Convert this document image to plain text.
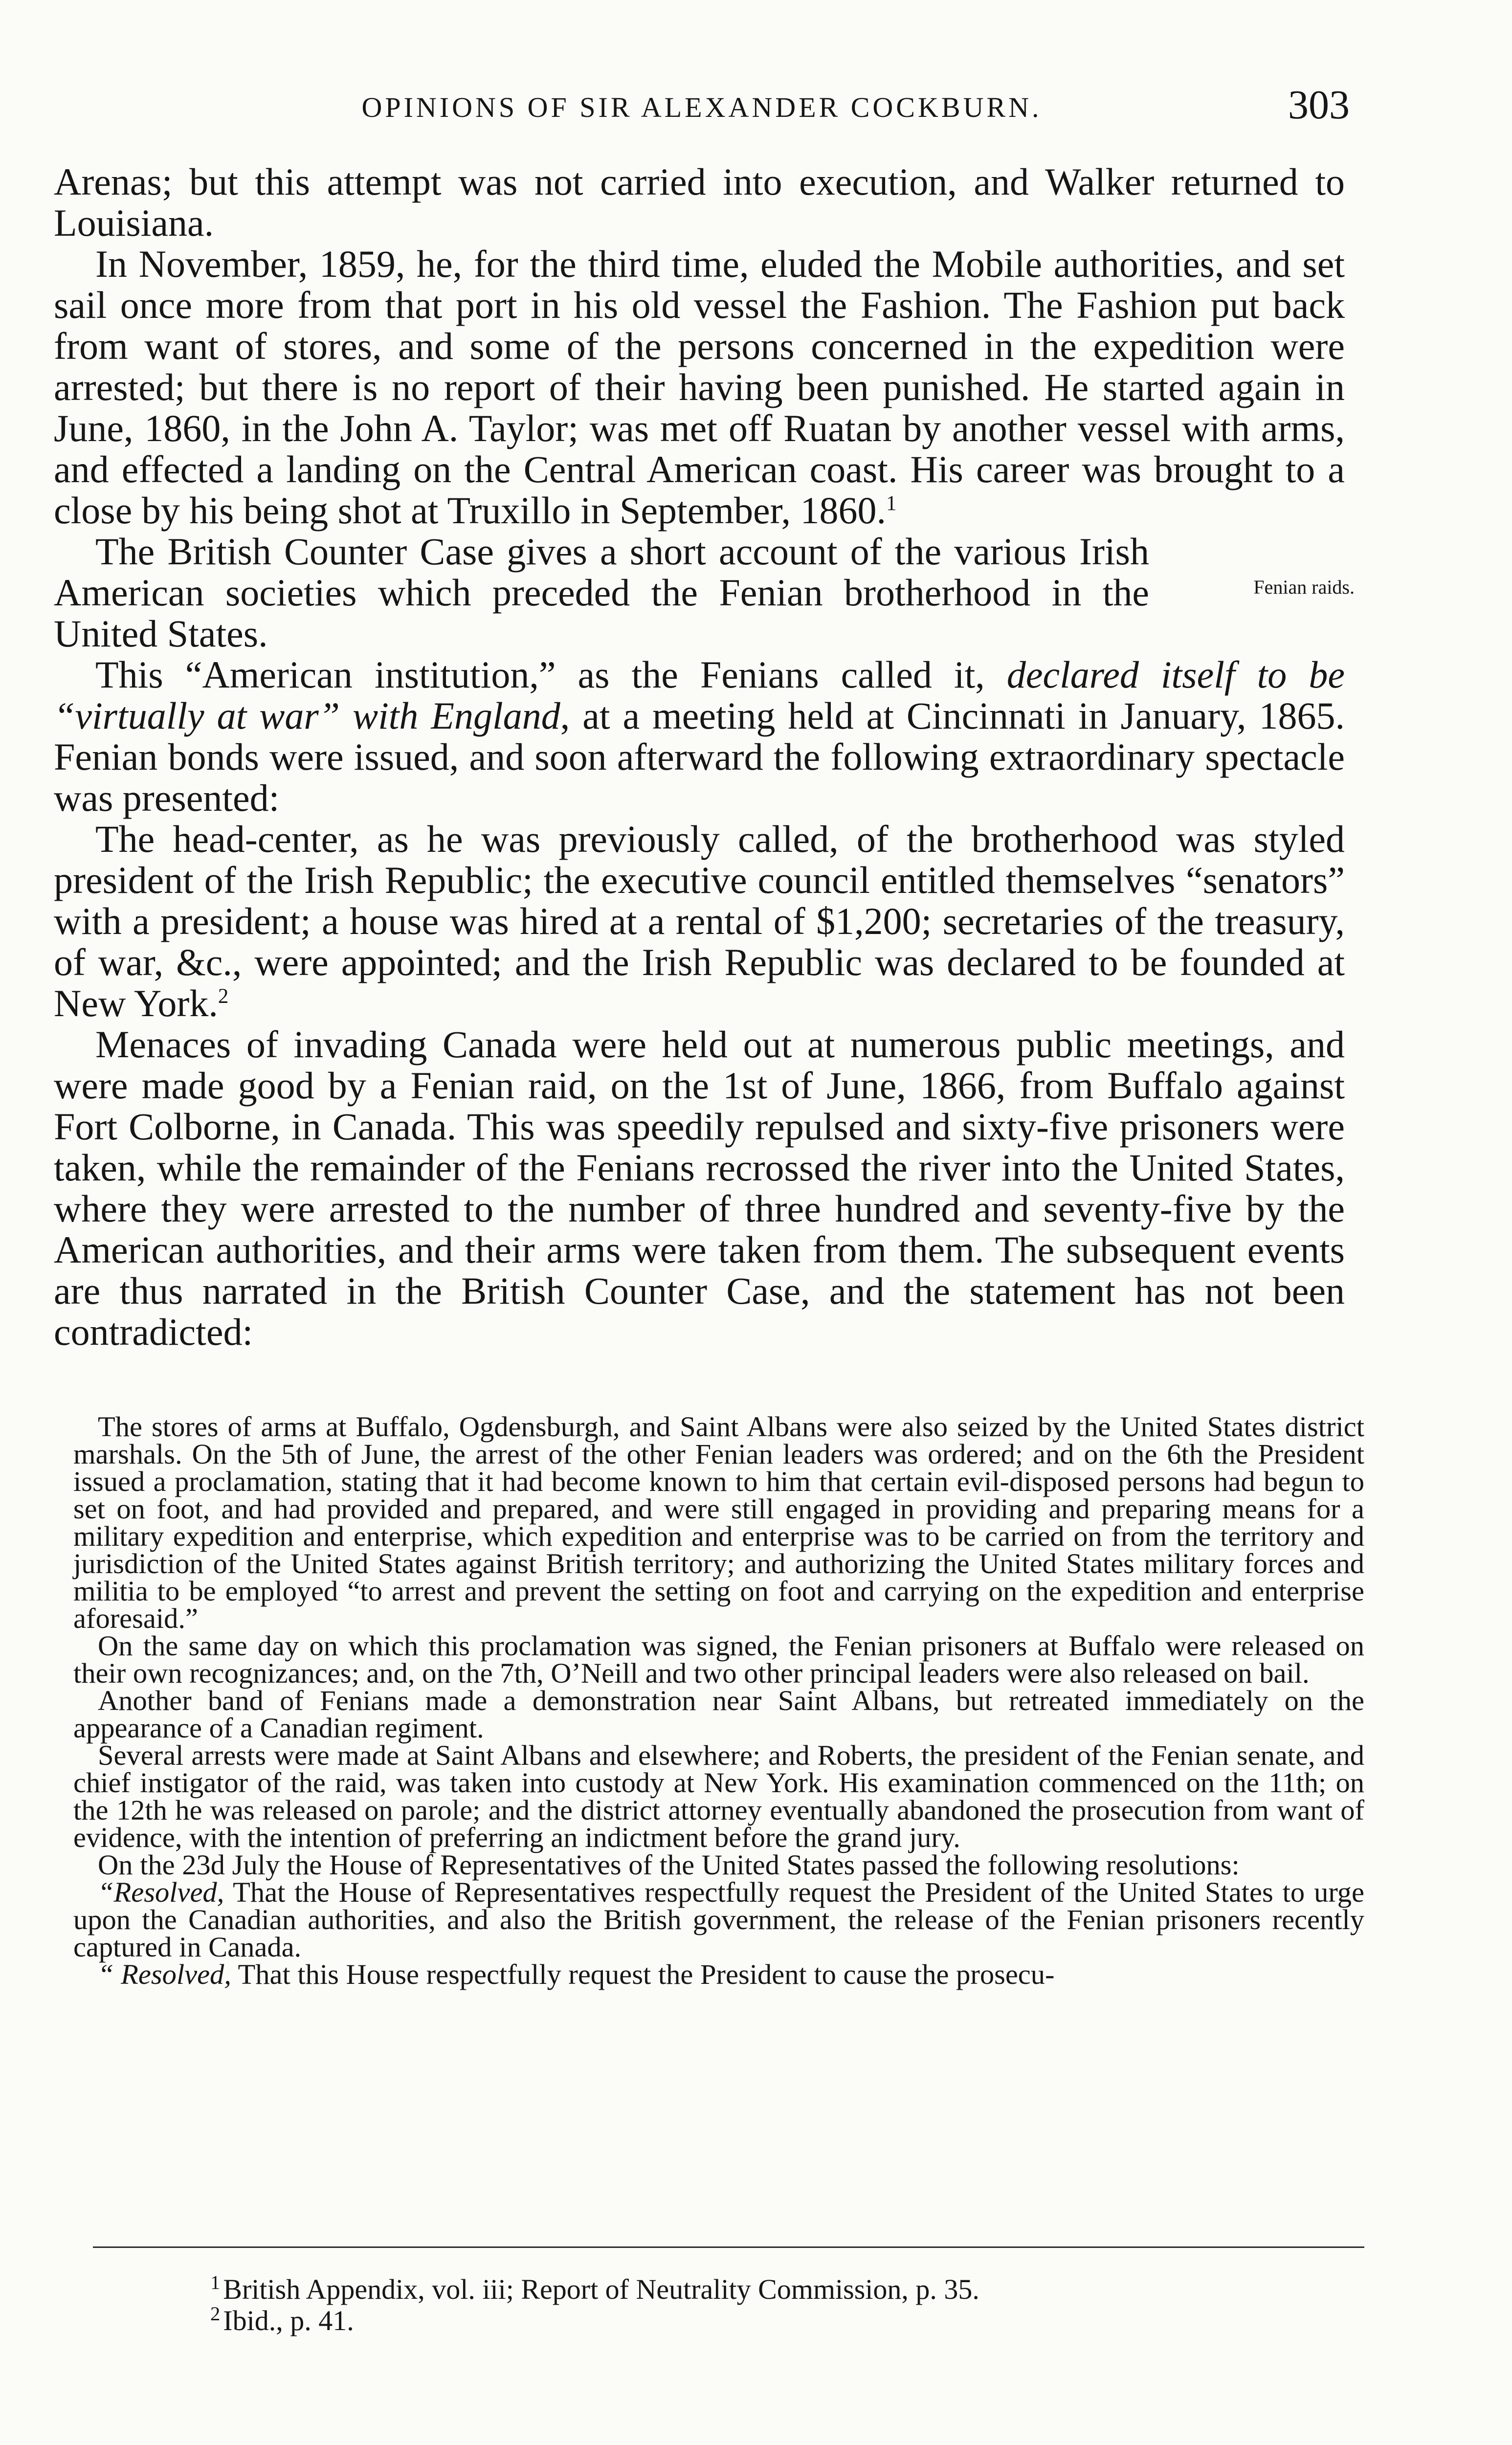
OPINIONS OF SIR ALEXANDER COCKBURN.	303

Arenas; but this attempt was not carried into execution, and Walker returned to Louisiana.

In November, 1859, he, for the third time, eluded the Mobile authorities, and set sail once more from that port in his old vessel the Fashion. The Fashion put back from want of stores, and some of the persons concerned in the expedition were arrested; but there is no report of their having been punished. He started again in June, 1860, in the John A. Taylor; was met off Ruatan by another vessel with arms, and effected a landing on the Central American coast. His career was brought to a close by his being shot at Truxillo in September, 1860.$^1$

The British Counter Case gives a short account of the various Irish American societies which preceded the Fenian brotherhood in the United States.
Fenian raids.

This “American institution,” as the Fenians called it, declared itself to be “virtually at war” with England, at a meeting held at Cincinnati in January, 1865. Fenian bonds were issued, and soon afterward the following extraordinary spectacle was presented:

The head-center, as he was previously called, of the brotherhood was styled president of the Irish Republic; the executive council entitled themselves “senators” with a president; a house was hired at a rental of $1,200; secretaries of the treasury, of war, &c., were appointed; and the Irish Republic was declared to be founded at New York.$^2$

Menaces of invading Canada were held out at numerous public meetings, and were made good by a Fenian raid, on the 1st of June, 1866, from Buffalo against Fort Colborne, in Canada. This was speedily repulsed and sixty-five prisoners were taken, while the remainder of the Fenians recrossed the river into the United States, where they were arrested to the number of three hundred and seventy-five by the American authorities, and their arms were taken from them. The subsequent events are thus narrated in the British Counter Case, and the statement has not been contradicted:

The stores of arms at Buffalo, Ogdensburgh, and Saint Albans were also seized by the United States district marshals. On the 5th of June, the arrest of the other Fenian leaders was ordered; and on the 6th the President issued a proclamation, stating that it had become known to him that certain evil-disposed persons had begun to set on foot, and had provided and prepared, and were still engaged in providing and preparing means for a military expedition and enterprise, which expedition and enterprise was to be carried on from the territory and jurisdiction of the United States against British territory; and authorizing the United States military forces and militia to be employed “to arrest and prevent the setting on foot and carrying on the expedition and enterprise aforesaid.”

On the same day on which this proclamation was signed, the Fenian prisoners at Buffalo were released on their own recognizances; and, on the 7th, O’Neill and two other principal leaders were also released on bail.

Another band of Fenians made a demonstration near Saint Albans, but retreated immediately on the appearance of a Canadian regiment.

Several arrests were made at Saint Albans and elsewhere; and Roberts, the president of the Fenian senate, and chief instigator of the raid, was taken into custody at New York. His examination commenced on the 11th; on the 12th he was released on parole; and the district attorney eventually abandoned the prosecution from want of evidence, with the intention of preferring an indictment before the grand jury.

On the 23d July the House of Representatives of the United States passed the following resolutions:

“Resolved, That the House of Representatives respectfully request the President of the United States to urge upon the Canadian authorities, and also the British government, the release of the Fenian prisoners recently captured in Canada.

“ Resolved, That this House respectfully request the President to cause the prosecu-

$^1$ British Appendix, vol. iii; Report of Neutrality Commission, p. 35.

$^2$ Ibid., p. 41.
